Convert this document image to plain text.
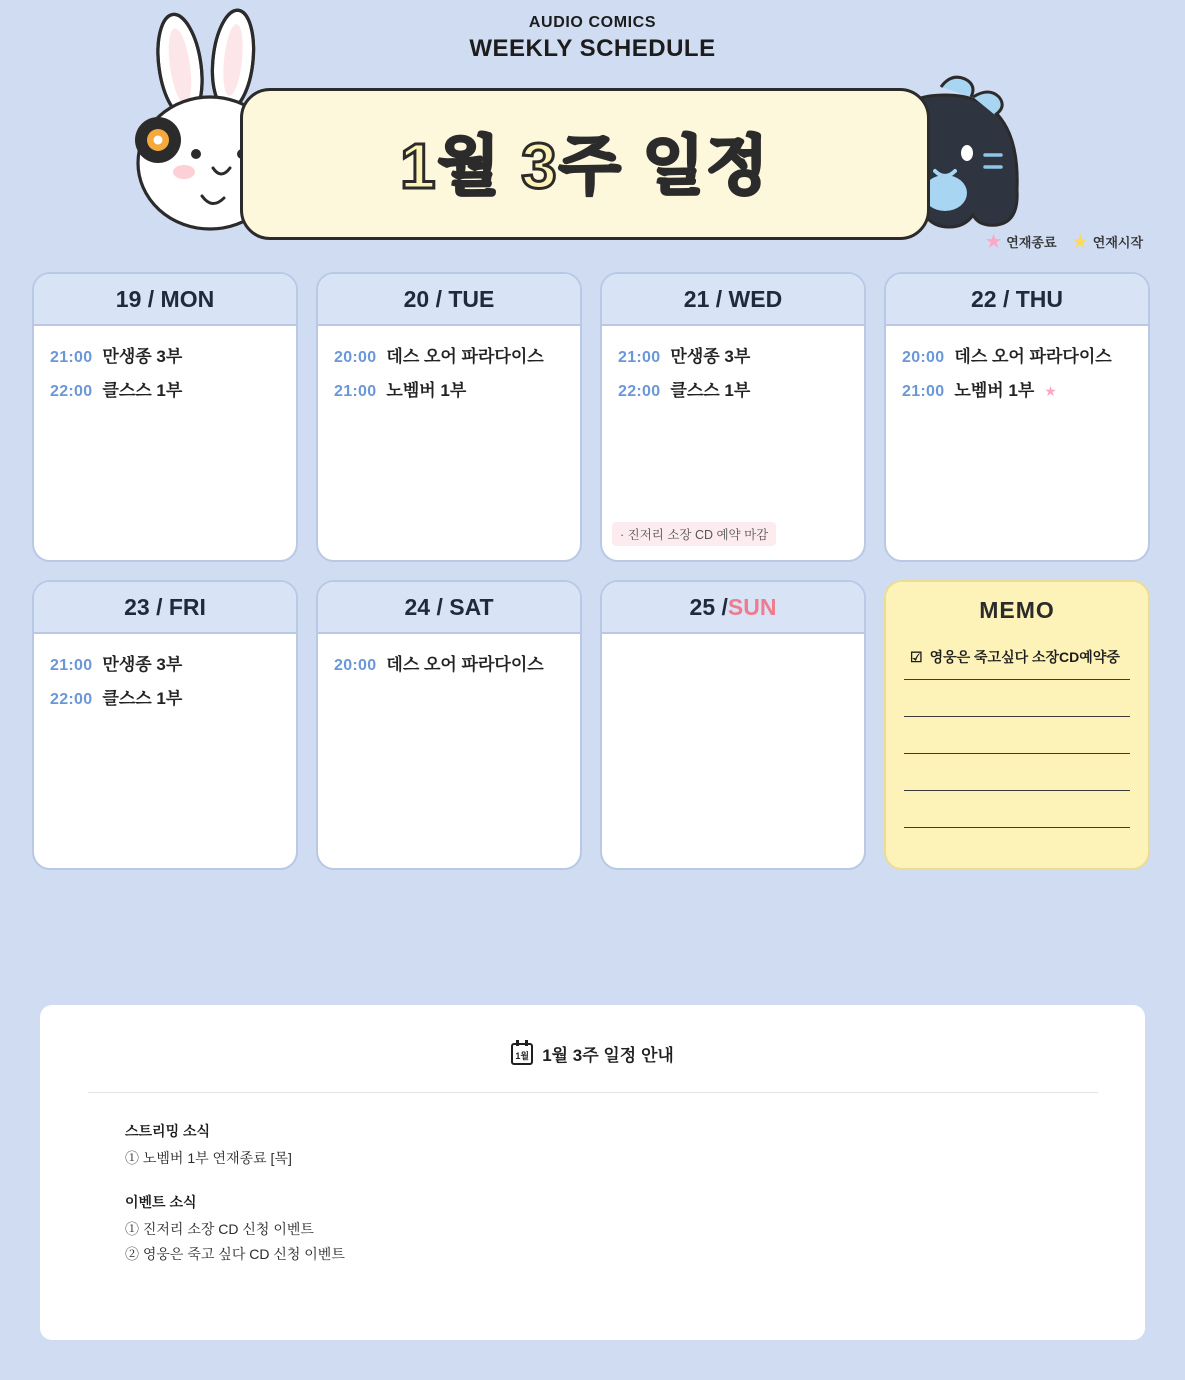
AUDIO COMICS
WEEKLY SCHEDULE
1월 3주 일정
★ 연재종료 ★ 연재시작
19 / MON
21:00 만생종 3부
22:00 클스스 1부
20 / TUE
20:00 데스 오어 파라다이스
21:00 노벰버 1부
21 / WED
21:00 만생종 3부
22:00 클스스 1부
· 진저리 소장 CD 예약 마감
22 / THU
20:00 데스 오어 파라다이스
21:00 노벰버 1부 ★
23 / FRI
21:00 만생종 3부
22:00 클스스 1부
24 / SAT
20:00 데스 오어 파라다이스
25 / SUN	MEMO
☑ 영웅은 죽고싶다 소장CD예약중
1월 1월 3주 일정 안내
스트리밍 소식
① 노벰버 1부 연재종료 [목]
이벤트 소식
① 진저리 소장 CD 신청 이벤트
② 영웅은 죽고 싶다 CD 신청 이벤트
